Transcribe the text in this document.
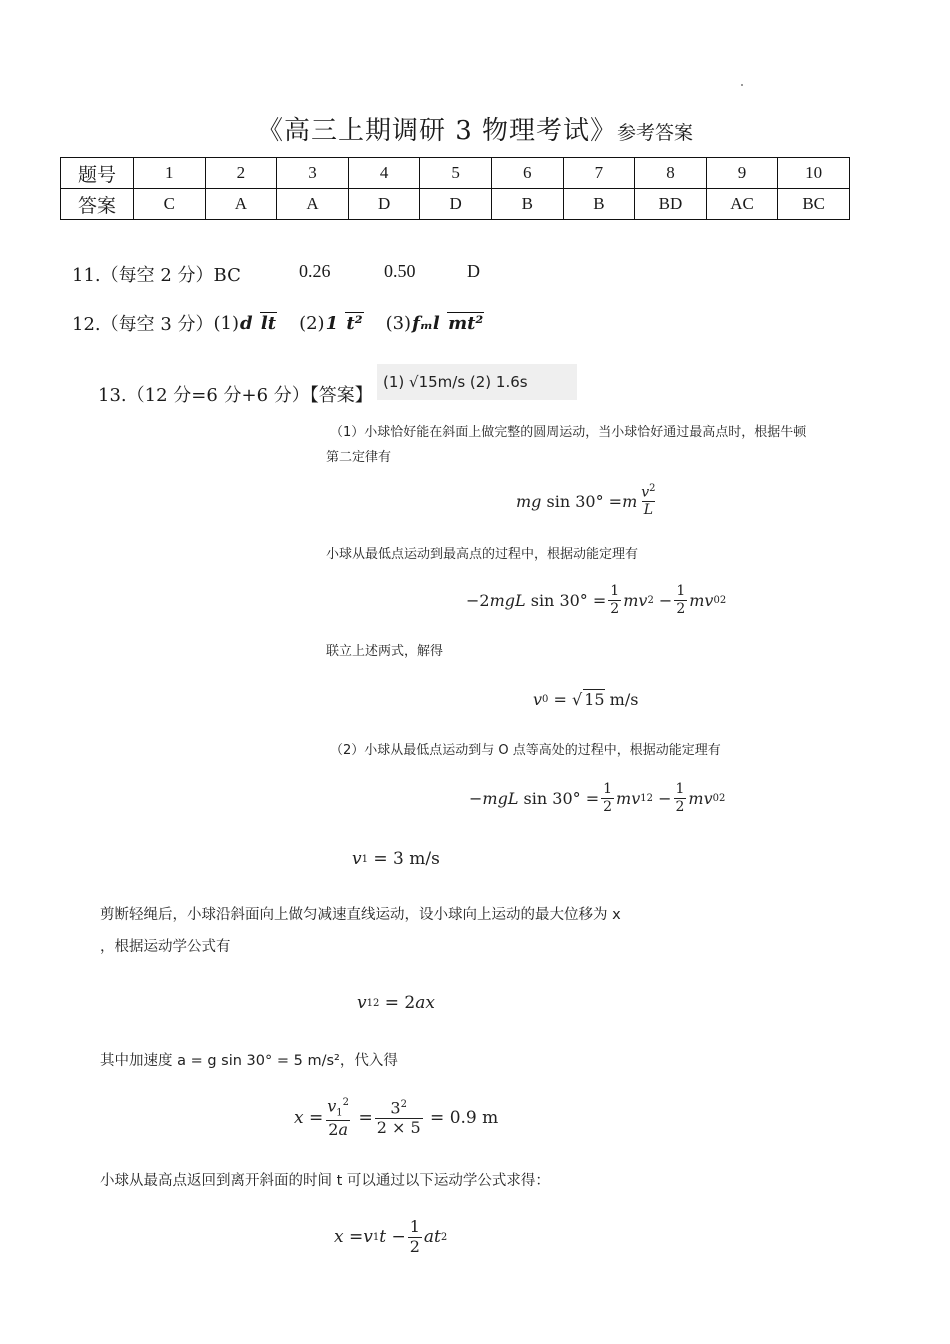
《高三上期调研 3 物理考试》参考答案
题号	1	2	3	4	5	6	7	8	9	10
答案	C	A	A	D	D	B	B	BD	AC	BC
11.（每空 2 分）BC	0.26	0.50	D
12.（每空 3 分） (1) d lt (2) 1 t² (3) fₘl mt²
13.（12 分=6 分+6 分）【答案】
(1) √15m/s (2) 1.6s
（1）小球恰好能在斜面上做完整的圆周运动，当小球恰好通过最高点时，根据牛顿
第二定律有
mg sin 30° = m $v^2$
L
小球从最低点运动到最高点的过程中，根据动能定理有
−2 mgL sin 30° = 1
2 mv 2 − 1
2 mv 0 2
联立上述两式，解得
v 0 = √ 15 m/s
（2）小球从最低点运动到与 O 点等高处的过程中，根据动能定理有
− mgL sin 30° = 1
2 mv 1 2 − 1
2 mv 0 2
v 1 = 3 m/s
剪断轻绳后，小球沿斜面向上做匀减速直线运动，设小球向上运动的最大位移为 x
，根据运动学公式有
v 1 2 = 2 ax
其中加速度 a = g sin 30° = 5 m/s²，代入得
x =
$v_1^2$
2a
=
$3^2$
2 × 5 = 0.9 m
小球从最高点返回到离开斜面的时间 t 可以通过以下运动学公式求得：
x = v 1 t −
1
2 at 2
